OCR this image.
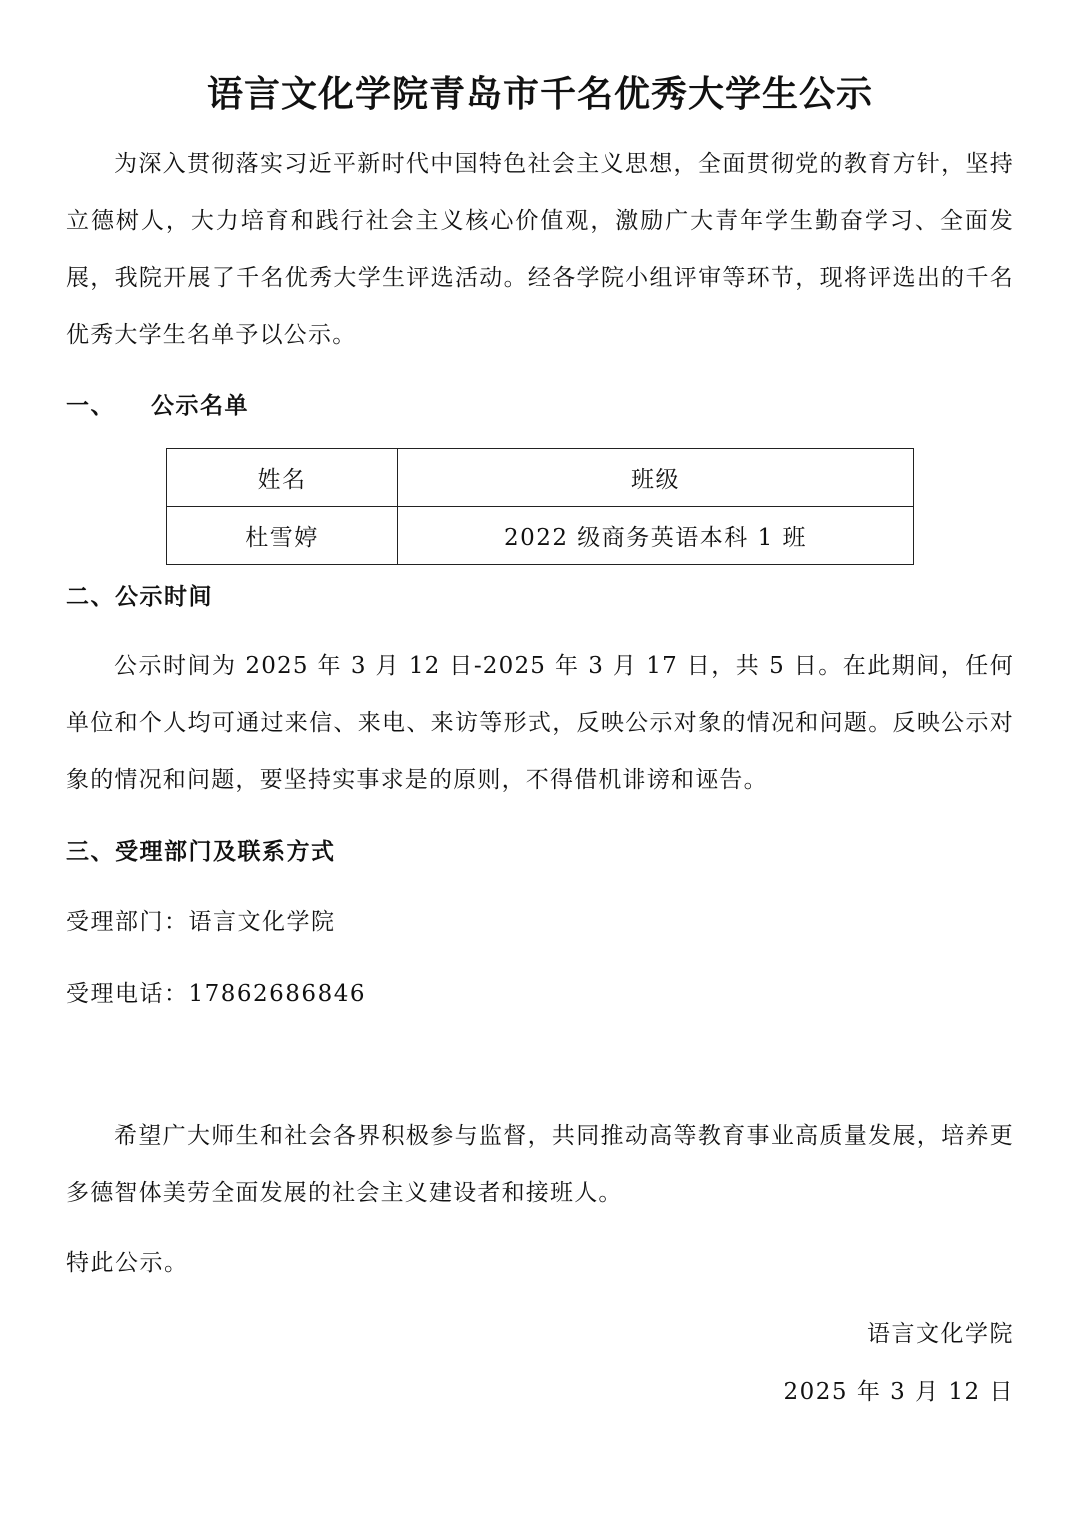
语言文化学院青岛市千名优秀大学生公示

为深入贯彻落实习近平新时代中国特色社会主义思想，全面贯彻党的教育方针，坚持立德树人，大力培育和践行社会主义核心价值观，激励广大青年学生勤奋学习、全面发展，我院开展了千名优秀大学生评选活动。经各学院小组评审等环节，现将评选出的千名优秀大学生名单予以公示。

一、 公示名单
姓名	班级
杜雪婷	2022 级商务英语本科 1 班
二、公示时间

公示时间为 2025 年 3 月 12 日-2025 年 3 月 17 日，共 5 日。在此期间，任何单位和个人均可通过来信、来电、来访等形式，反映公示对象的情况和问题。反映公示对象的情况和问题，要坚持实事求是的原则，不得借机诽谤和诬告。

三、受理部门及联系方式
受理部门：语言文化学院
受理电话：17862686846

希望广大师生和社会各界积极参与监督，共同推动高等教育事业高质量发展，培养更多德智体美劳全面发展的社会主义建设者和接班人。

特此公示。
语言文化学院
2025 年 3 月 12 日
